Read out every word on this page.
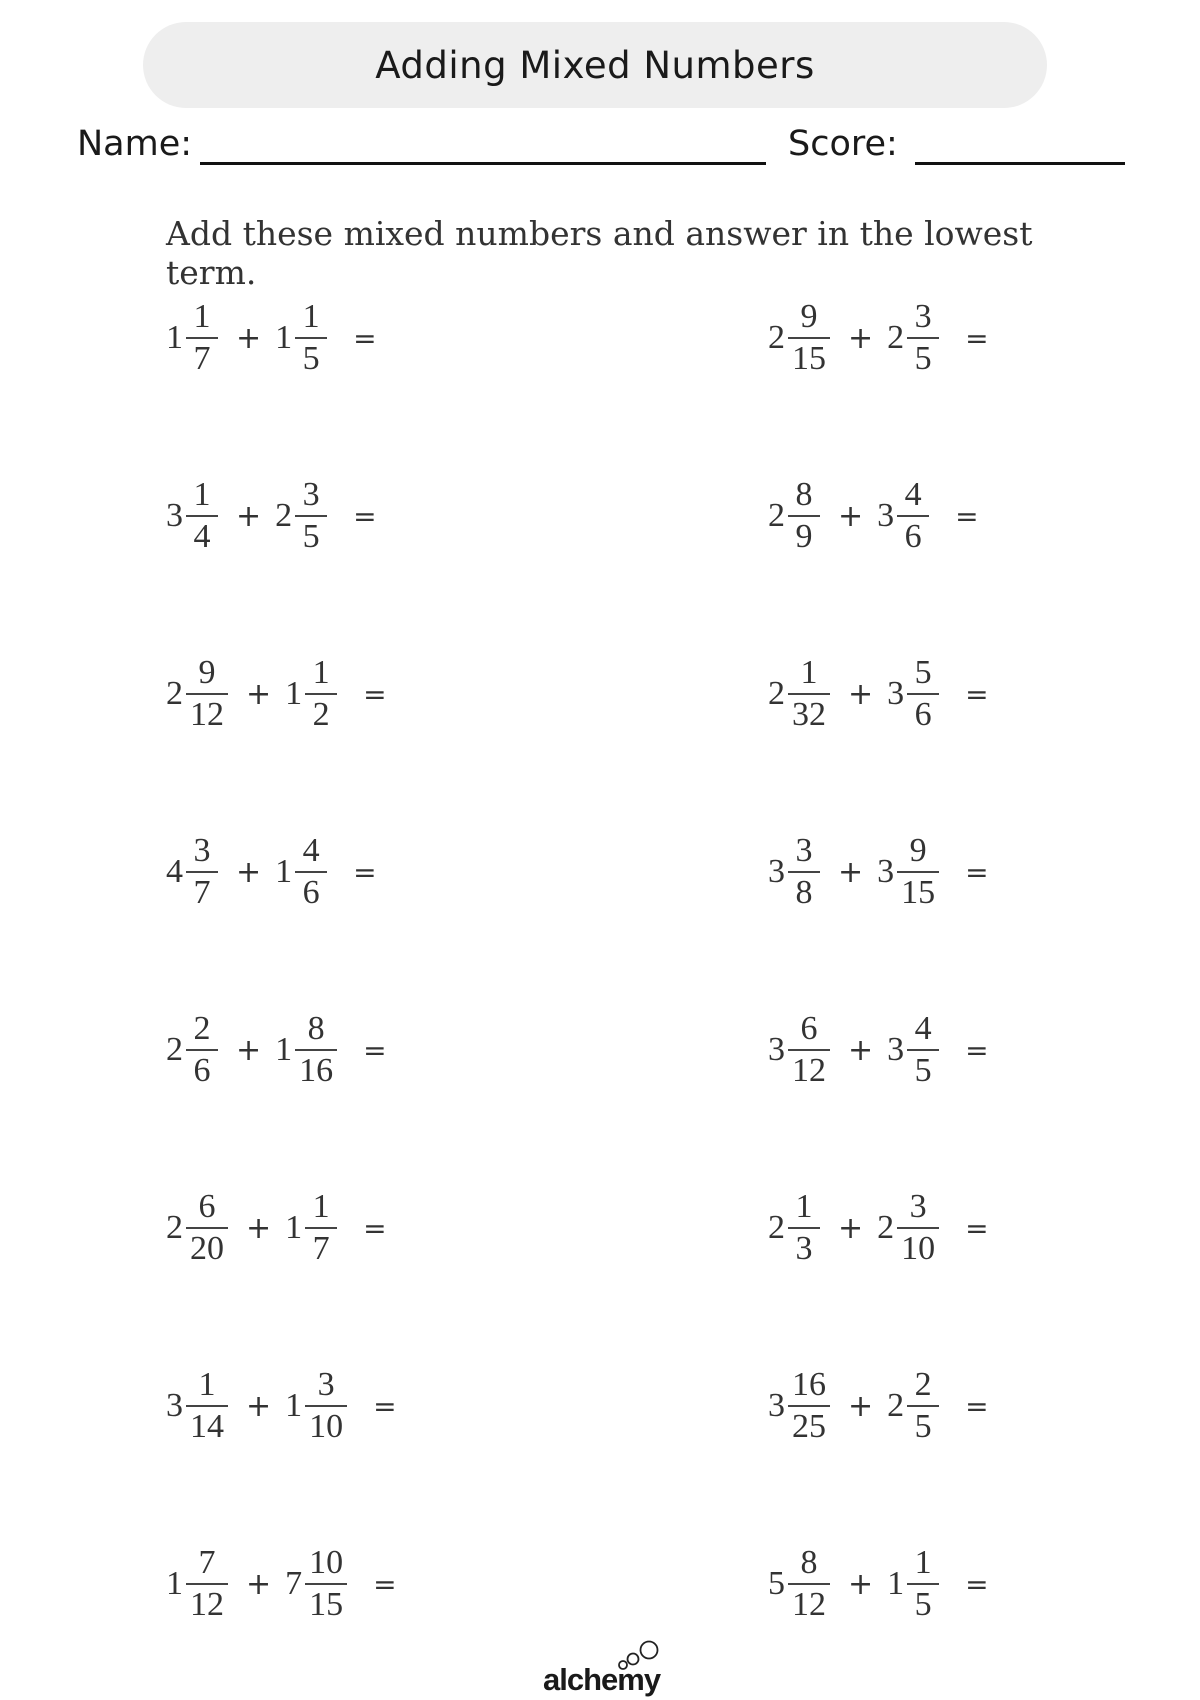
Adding Mixed Numbers
Name:	Score:
Add these mixed numbers and answer in the lowest term.
$1 \frac{1}{7} + 1 \frac{1}{5}$ =	$2 \frac{9}{15} + 2 \frac{3}{5}$ =
$3 \frac{1}{4} + 2 \frac{3}{5}$ =	$2 \frac{8}{9} + 3 \frac{4}{6}$ =
$2 \frac{9}{12} + 1 \frac{1}{2}$ =	$2 \frac{1}{32} + 3 \frac{5}{6}$ =
$4 \frac{3}{7} + 1 \frac{4}{6}$ =	$3 \frac{3}{8} + 3 \frac{9}{15}$ =
$2 \frac{2}{6} + 1 \frac{8}{16}$ =	$3 \frac{6}{12} + 3 \frac{4}{5}$ =
$2 \frac{6}{20} + 1 \frac{1}{7}$ =	$2 \frac{1}{3} + 2 \frac{3}{10}$ =
$3 \frac{1}{14} + 1 \frac{3}{10}$ =	$3 \frac{16}{25} + 2 \frac{2}{5}$ =
$1 \frac{7}{12} + 7 \frac{10}{15}$ =	$5 \frac{8}{12} + 1 \frac{1}{5}$ =
alchemy
